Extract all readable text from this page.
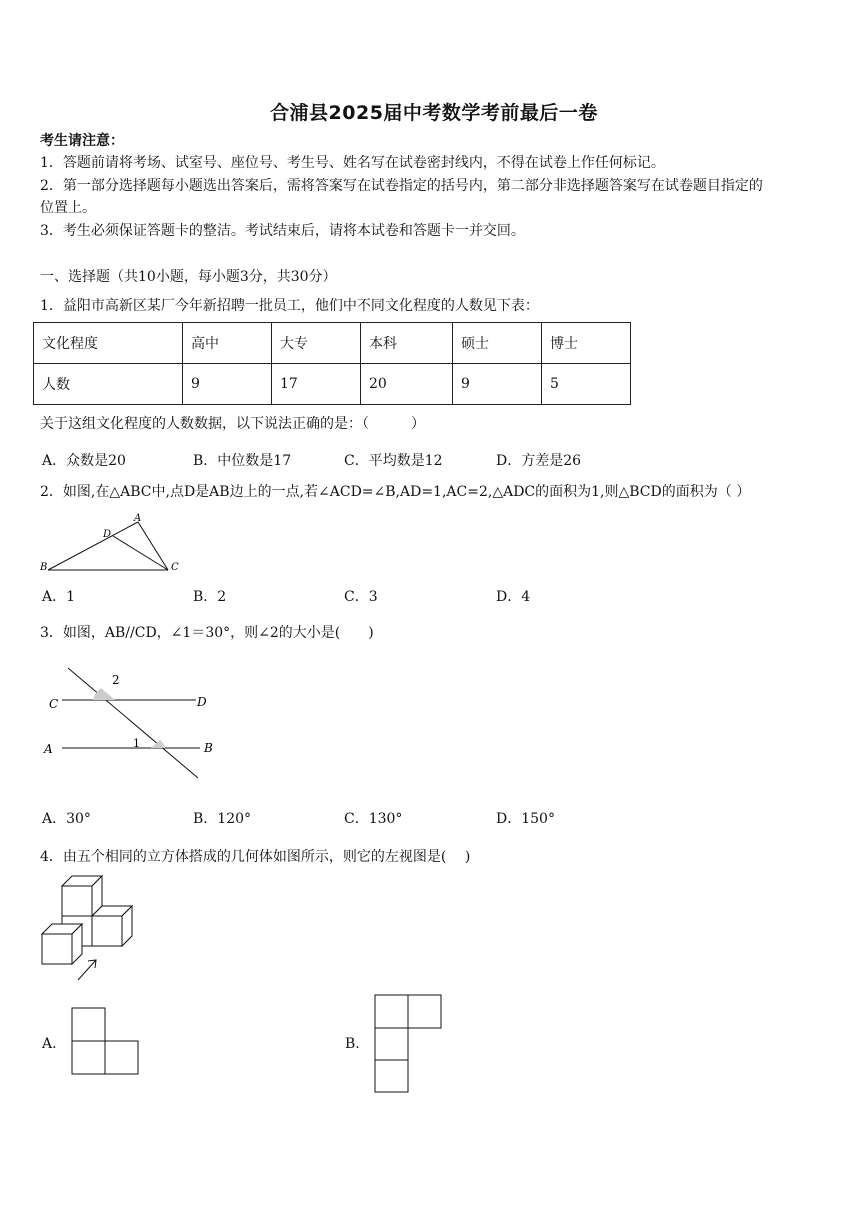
合浦县2025届中考数学考前最后一卷
考生请注意：
1．答题前请将考场、试室号、座位号、考生号、姓名写在试卷密封线内，不得在试卷上作任何标记。
2．第一部分选择题每小题选出答案后，需将答案写在试卷指定的括号内，第二部分非选择题答案写在试卷题目指定的
位置上。
3．考生必须保证答题卡的整洁。考试结束后，请将本试卷和答题卡一并交回。
一、选择题（共10小题，每小题3分，共30分）
1．益阳市高新区某厂今年新招聘一批员工，他们中不同文化程度的人数见下表：
文化程度	高中	大专	本科	硕士	博士
人数	9	17	20	9	5
关于这组文化程度的人数数据，以下说法正确的是：（　　　）
A．众数是20	B．中位数是17	C．平均数是12	D．方差是26
2．如图,在△ABC中,点D是AB边上的一点,若∠ACD=∠B,AD=1,AC=2,△ADC的面积为1,则△BCD的面积为（ ）
A
D
B	C
A．1	B．2	C．3	D．4
3．如图，AB//CD，∠1＝30°，则∠2的大小是(　　)
2
C	D
A	1	B
A．30°	B．120°	C．130°	D．150°
4．由五个相同的立方体搭成的几何体如图所示，则它的左视图是(　 )
A.	B.
